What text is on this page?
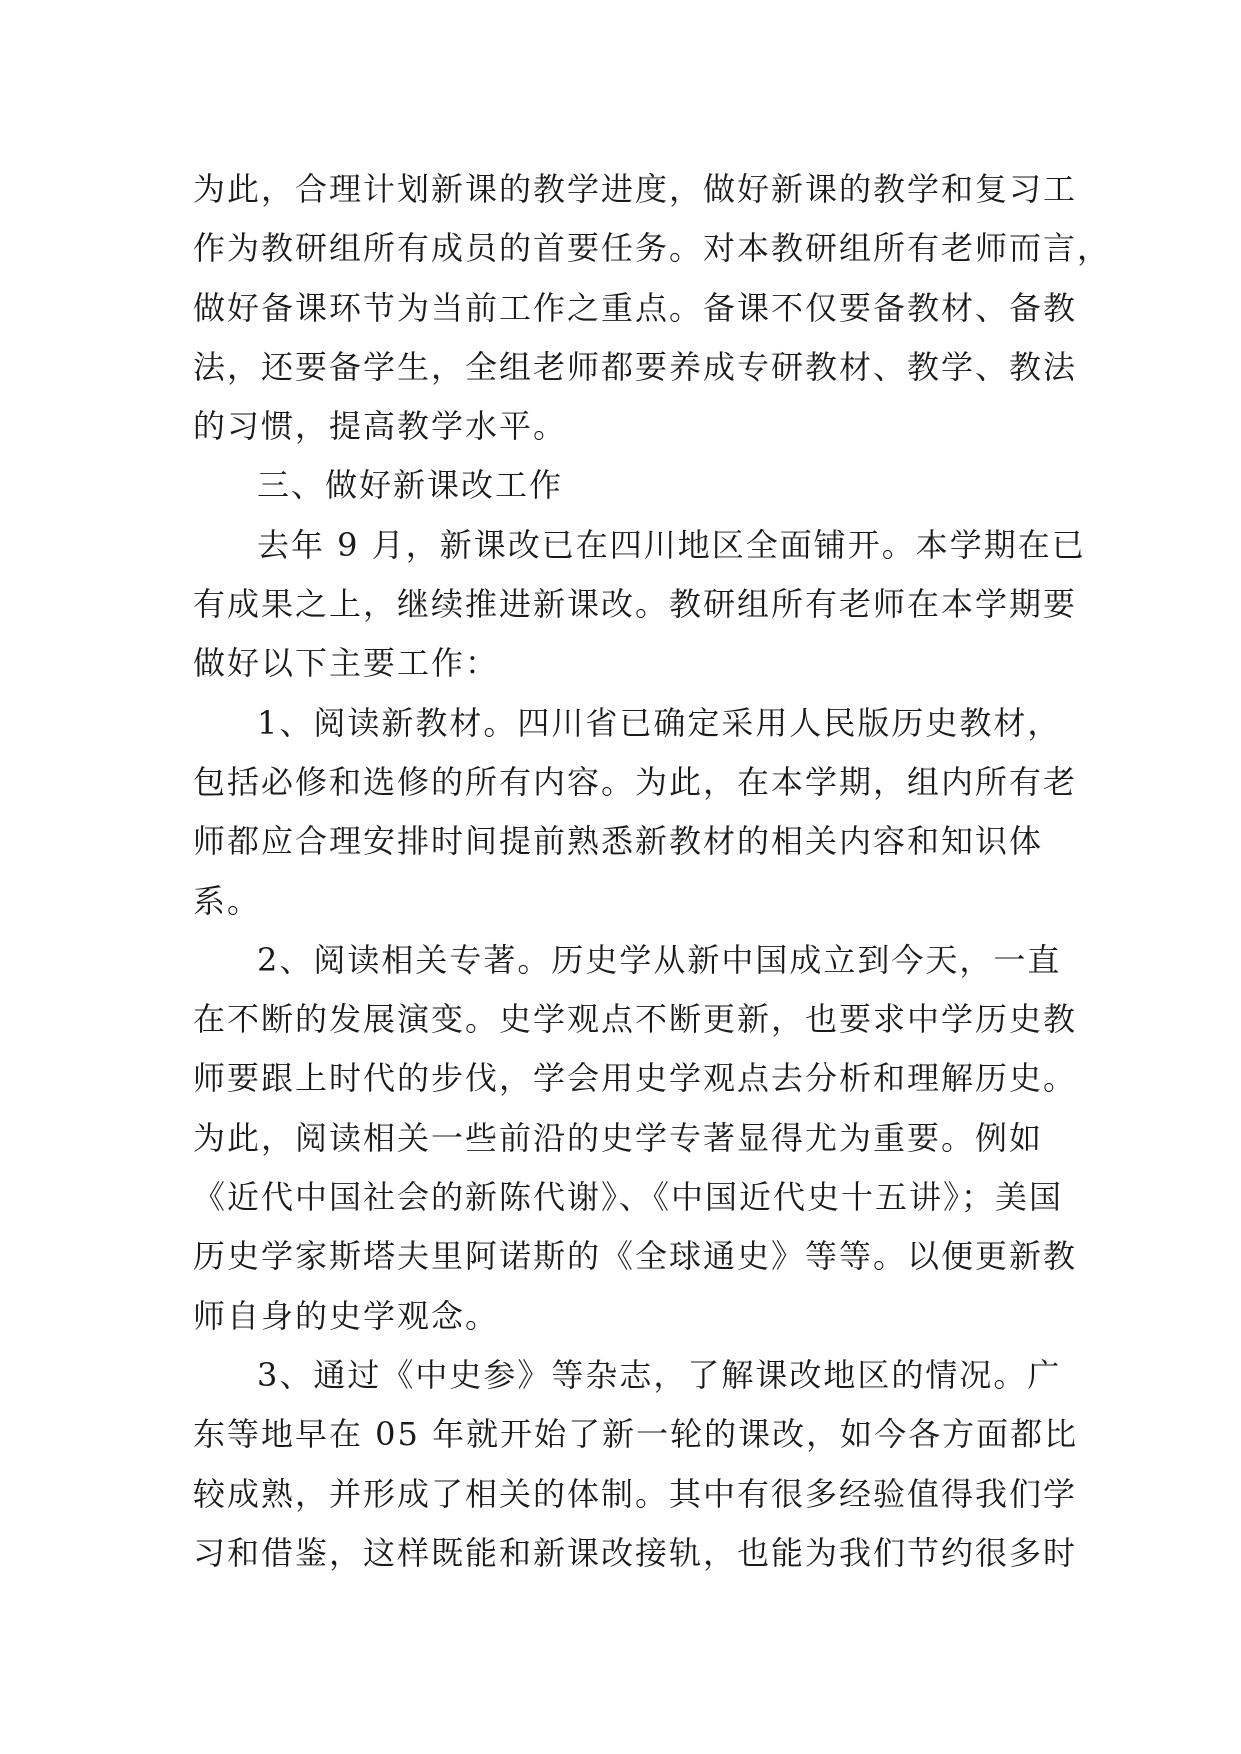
为此，合理计划新课的教学进度，做好新课的教学和复习工
作为教研组所有成员的首要任务。对本教研组所有老师而言，
做好备课环节为当前工作之重点。备课不仅要备教材、备教
法，还要备学生，全组老师都要养成专研教材、教学、教法
的习惯，提高教学水平。
三、做好新课改工作
去年 9 月，新课改已在四川地区全面铺开。本学期在已
有成果之上，继续推进新课改。教研组所有老师在本学期要
做好以下主要工作：
1、阅读新教材。四川省已确定采用人民版历史教材，
包括必修和选修的所有内容。为此，在本学期，组内所有老
师都应合理安排时间提前熟悉新教材的相关内容和知识体
系。
2、阅读相关专著。历史学从新中国成立到今天，一直
在不断的发展演变。史学观点不断更新，也要求中学历史教
师要跟上时代的步伐，学会用史学观点去分析和理解历史。
为此，阅读相关一些前沿的史学专著显得尤为重要。例如
《近代中国社会的新陈代谢》、《中国近代史十五讲》；美国
历史学家斯塔夫里阿诺斯的《全球通史》等等。以便更新教
师自身的史学观念。
3、通过《中史参》等杂志，了解课改地区的情况。广
东等地早在 05 年就开始了新一轮的课改，如今各方面都比
较成熟，并形成了相关的体制。其中有很多经验值得我们学
习和借鉴，这样既能和新课改接轨，也能为我们节约很多时
